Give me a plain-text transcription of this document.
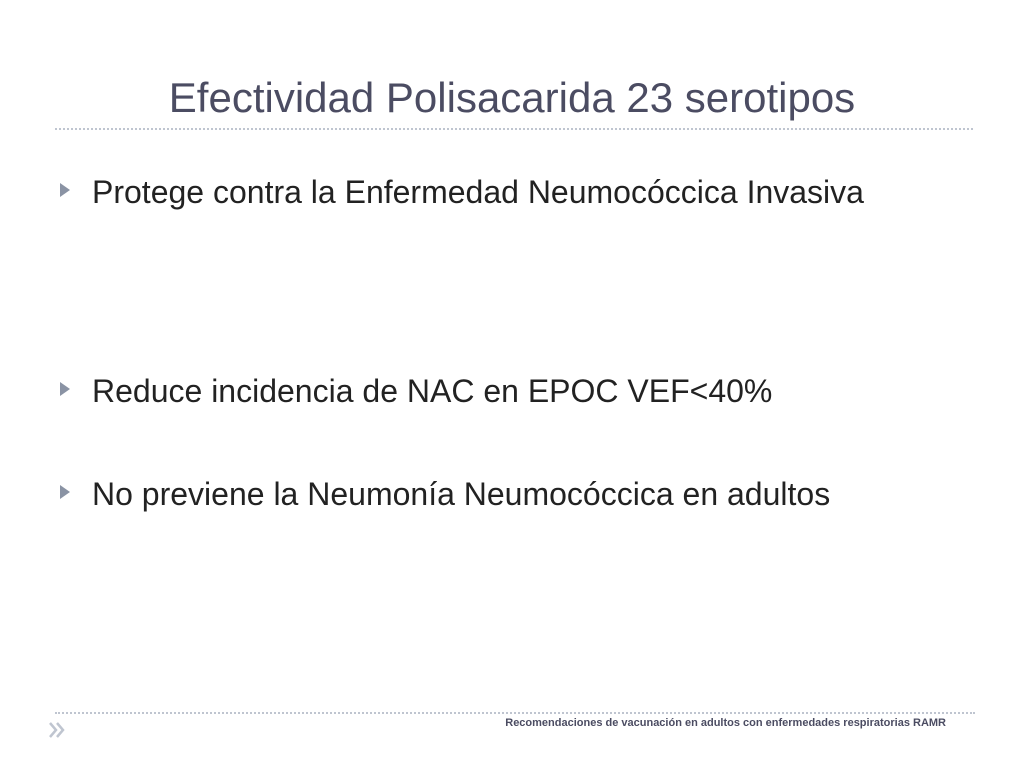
Efectividad Polisacarida 23 serotipos
Protege contra la Enfermedad Neumocóccica Invasiva
Reduce incidencia de NAC en EPOC VEF<40%
No previene la Neumonía Neumocóccica en adultos
Recomendaciones de vacunación en adultos con enfermedades respiratorias RAMR
